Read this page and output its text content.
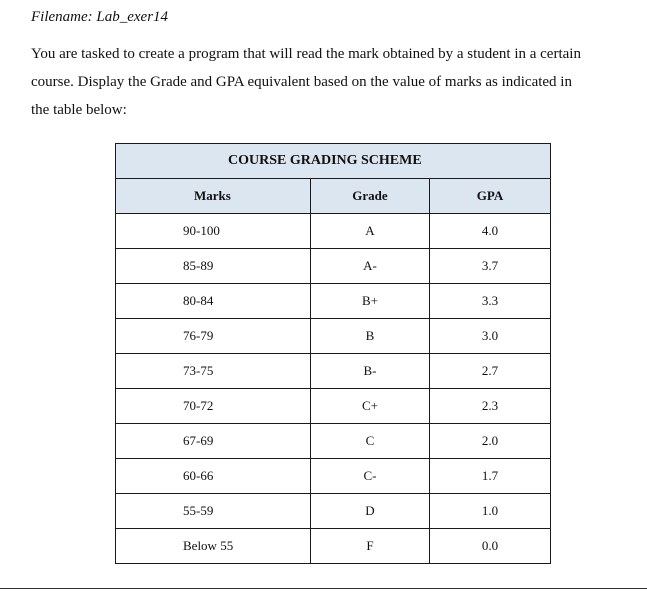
Filename: Lab_exer14

You are tasked to create a program that will read the mark obtained by a student in a certain
course. Display the Grade and GPA equivalent based on the value of marks as indicated in
the table below:
COURSE GRADING SCHEME		
Marks	Grade	GPA
90-100	A	4.0
85-89	A-	3.7
80-84	B+	3.3
76-79	B	3.0
73-75	B-	2.7
70-72	C+	2.3
67-69	C	2.0
60-66	C-	1.7
55-59	D	1.0
Below 55	F	0.0
